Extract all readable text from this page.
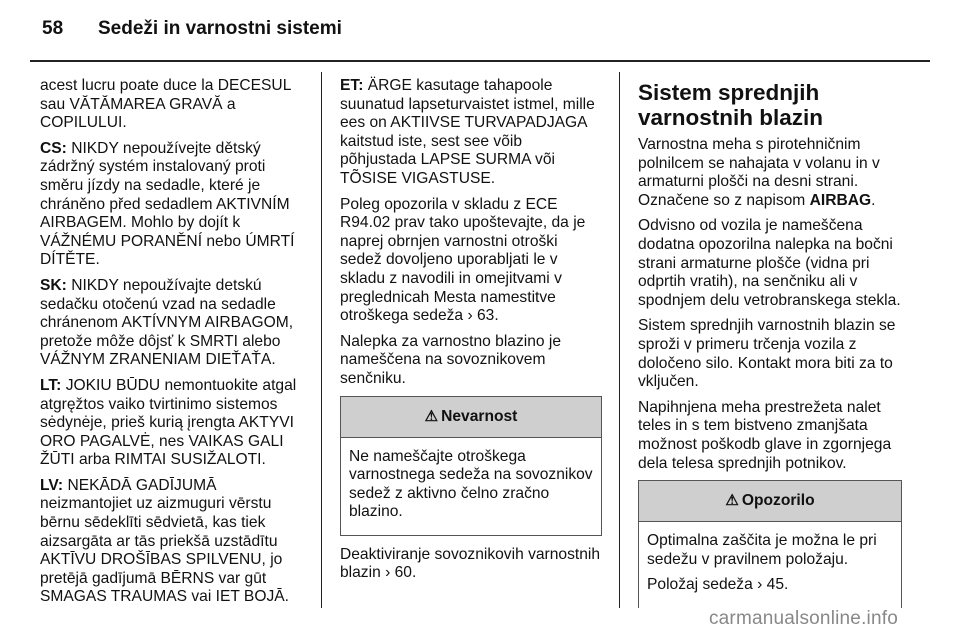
58 Sedeži in varnostni sistemi

acest lucru poate duce la DECESUL sau VĂTĂMAREA GRAVĂ a COPILULUI.

CS: NIKDY nepoužívejte dětský zádržný systém instalovaný proti směru jízdy na sedadle, které je chráněno před sedadlem AKTIVNÍM AIRBAGEM. Mohlo by dojít k VÁŽNÉMU PORANĚNÍ nebo ÚMRTÍ DÍTĚTE.

SK: NIKDY nepoužívajte detskú sedačku otočenú vzad na sedadle chránenom AKTÍVNYM AIRBAGOM, pretože môže dôjsť k SMRTI alebo VÁŽNYM ZRANENIAM DIEŤAŤA.

LT: JOKIU BŪDU nemontuokite atgal atgręžtos vaiko tvirtinimo sistemos sėdynėje, prieš kurią įrengta AKTYVI ORO PAGALVĖ, nes VAIKAS GALI ŽŪTI arba RIMTAI SUSIŽALOTI.

LV: NEKĀDĀ GADĪJUMĀ neizmantojiet uz aizmuguri vērstu bērnu sēdeklīti sēdvietā, kas tiek aizsargāta ar tās priekšā uzstādītu AKTĪVU DROŠĪBAS SPILVENU, jo pretējā gadījumā BĒRNS var gūt SMAGAS TRAUMAS vai IET BOJĀ.

ET: ÄRGE kasutage tahapoole suunatud lapseturvaistet istmel, mille ees on AKTIIVSE TURVAPADJAGA kaitstud iste, sest see võib põhjustada LAPSE SURMA või TÕSISE VIGASTUSE.

Poleg opozorila v skladu z ECE R94.02 prav tako upoštevajte, da je naprej obrnjen varnostni otroški sedež dovoljeno uporabljati le v skladu z navodili in omejitvami v preglednicah Mesta namestitve otroškega sedeža › 63.

Nalepka za varnostno blazino je nameščena na sovoznikovem senčniku.

⚠ Nevarnost

Ne nameščajte otroškega varnostnega sedeža na sovoznikov sedež z aktivno čelno zračno blazino.

Deaktiviranje sovoznikovih varnostnih blazin › 60.

Sistem sprednjih varnostnih blazin

Varnostna meha s pirotehničnim polnilcem se nahajata v volanu in v armaturni plošči na desni strani. Označene so z napisom AIRBAG.

Odvisno od vozila je nameščena dodatna opozorilna nalepka na bočni strani armaturne plošče (vidna pri odprtih vratih), na senčniku ali v spodnjem delu vetrobranskega stekla.

Sistem sprednjih varnostnih blazin se sproži v primeru trčenja vozila z določeno silo. Kontakt mora biti za to vključen.

Napihnjena meha prestrežeta nalet teles in s tem bistveno zmanjšata možnost poškodb glave in zgornjega dela telesa sprednjih potnikov.

⚠ Opozorilo

Optimalna zaščita je možna le pri sedežu v pravilnem položaju.

Položaj sedeža › 45.

carmanualsonline.info
